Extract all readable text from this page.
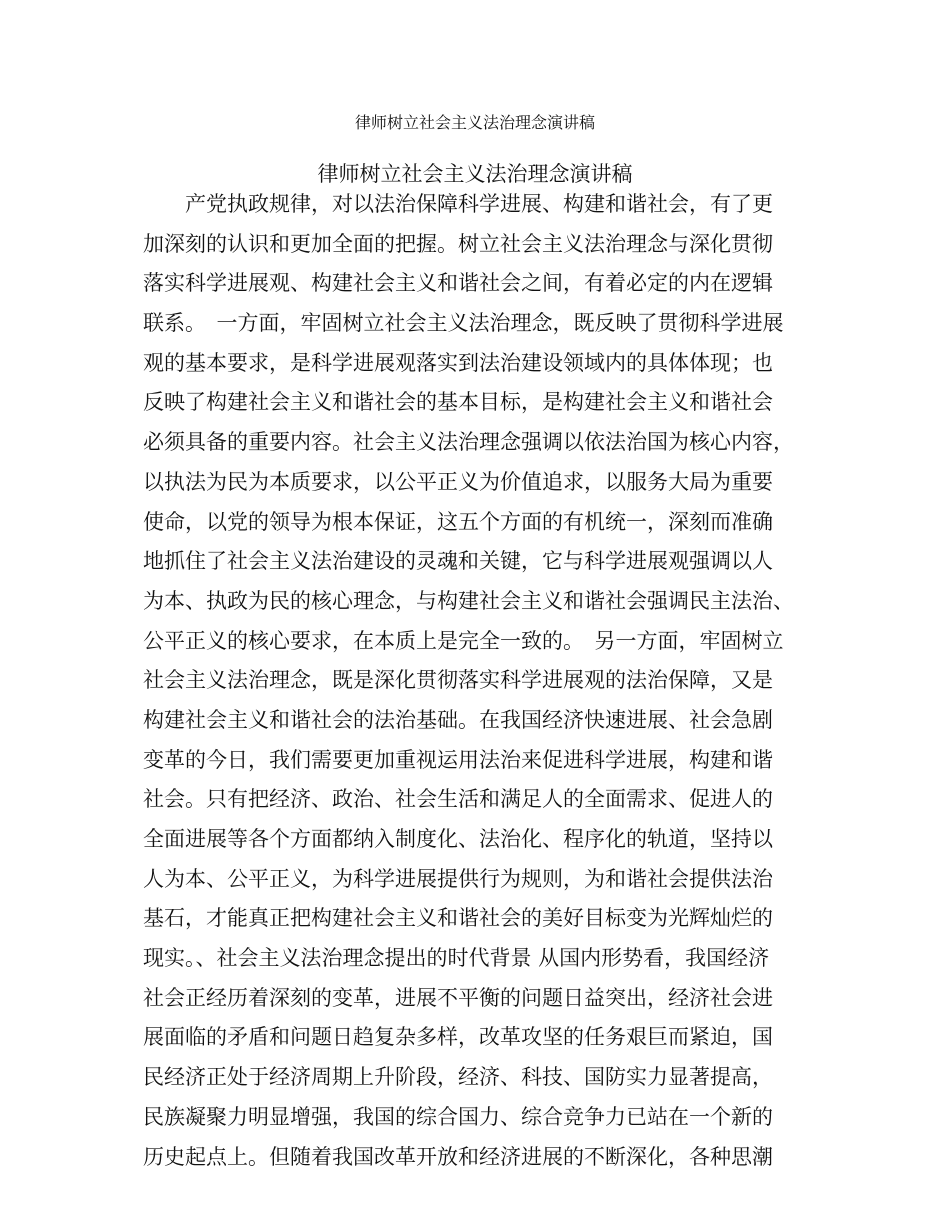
律师树立社会主义法治理念演讲稿
律师树立社会主义法治理念演讲稿
　　产党执政规律，对以法治保障科学进展、构建和谐社会，有了更
加深刻的认识和更加全面的把握。树立社会主义法治理念与深化贯彻
落实科学进展观、构建社会主义和谐社会之间，有着必定的内在逻辑
联系。　一方面，牢固树立社会主义法治理念，既反映了贯彻科学进展
观的基本要求，是科学进展观落实到法治建设领域内的具体体现；也
反映了构建社会主义和谐社会的基本目标，是构建社会主义和谐社会
必须具备的重要内容。社会主义法治理念强调以依法治国为核心内容，
以执法为民为本质要求，以公平正义为价值追求，以服务大局为重要
使命，以党的领导为根本保证，这五个方面的有机统一，深刻而准确
地抓住了社会主义法治建设的灵魂和关键，它与科学进展观强调以人
为本、执政为民的核心理念，与构建社会主义和谐社会强调民主法治、
公平正义的核心要求，在本质上是完全一致的。　另一方面，牢固树立
社会主义法治理念，既是深化贯彻落实科学进展观的法治保障，又是
构建社会主义和谐社会的法治基础。在我国经济快速进展、社会急剧
变革的今日，我们需要更加重视运用法治来促进科学进展，构建和谐
社会。只有把经济、政治、社会生活和满足人的全面需求、促进人的
全面进展等各个方面都纳入制度化、法治化、程序化的轨道，坚持以
人为本、公平正义，为科学进展提供行为规则，为和谐社会提供法治
基石，才能真正把构建社会主义和谐社会的美好目标变为光辉灿烂的
现实。、社会主义法治理念提出的时代背景 从国内形势看，我国经济
社会正经历着深刻的变革，进展不平衡的问题日益突出，经济社会进
展面临的矛盾和问题日趋复杂多样，改革攻坚的任务艰巨而紧迫，国
民经济正处于经济周期上升阶段，经济、科技、国防实力显著提高，
民族凝聚力明显增强，我国的综合国力、综合竞争力已站在一个新的
历史起点上。但随着我国改革开放和经济进展的不断深化，各种思潮
